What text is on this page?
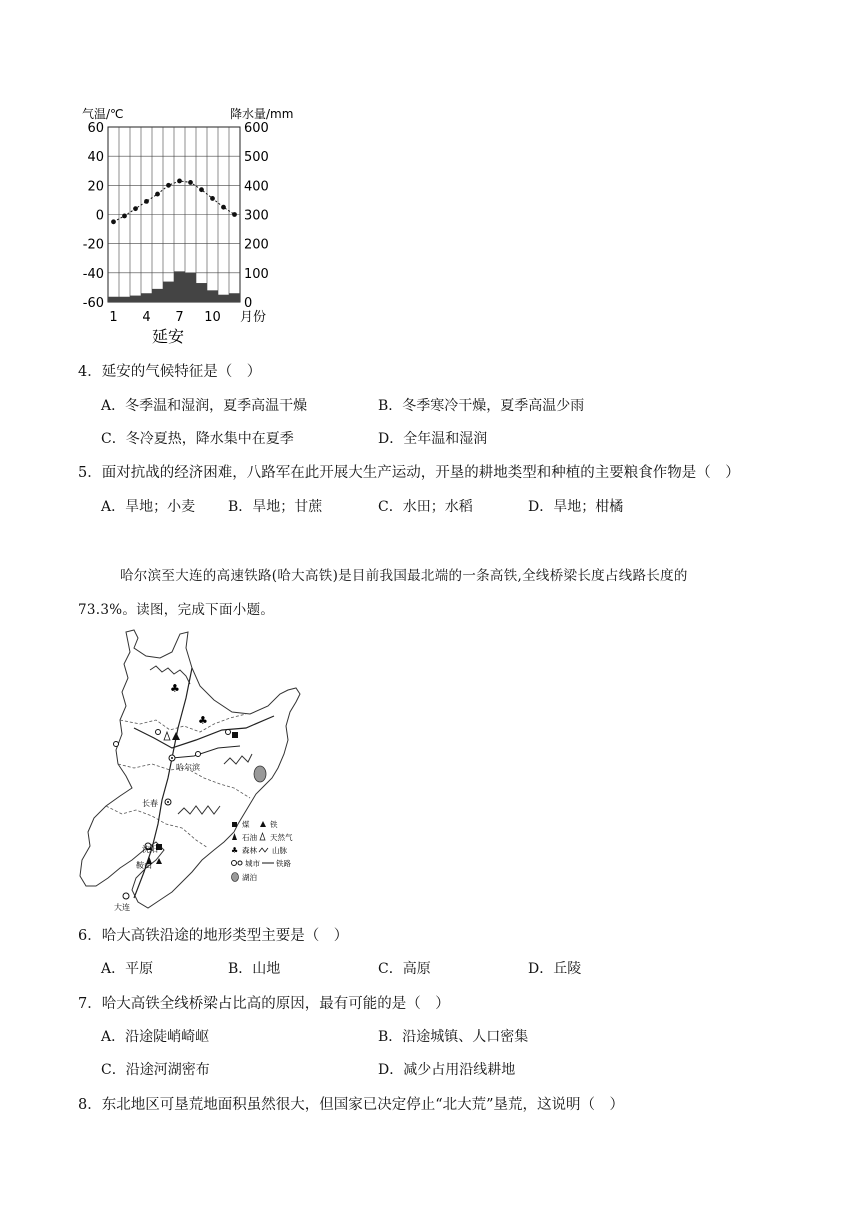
气温/℃	降水量/mm
60
40
20
0
-20
-40
-60
600
500
400
300
200
100
0
1 4 7 10 月份
延安
4．延安的气候特征是（　）
A．冬季温和湿润，夏季高温干燥	B．冬季寒冷干燥，夏季高温少雨
C．冬冷夏热，降水集中在夏季	D．全年温和湿润
5．面对抗战的经济困难，八路军在此开展大生产运动，开垦的耕地类型和种植的主要粮食作物是（　）
A．旱地；小麦 B．旱地；甘蔗	C．水田；水稻	D．旱地；柑橘
哈尔滨至大连的高速铁路(哈大高铁)是目前我国最北端的一条高铁,全线桥梁长度占线路长度的
73.3%。读图，完成下面小题。
♣
♣
哈尔滨
长春
沈阳
鞍山
大连
煤	铁
石油 天然气
♣ 森林 山脉
城市 铁路
湖泊
6．哈大高铁沿途的地形类型主要是（　）
A．平原	B．山地	C．高原	D．丘陵
7．哈大高铁全线桥梁占比高的原因，最有可能的是（　）
A．沿途陡峭崎岖	B．沿途城镇、人口密集
C．沿途河湖密布	D．减少占用沿线耕地
8．东北地区可垦荒地面积虽然很大，但国家已决定停止“北大荒”垦荒，这说明（　）
